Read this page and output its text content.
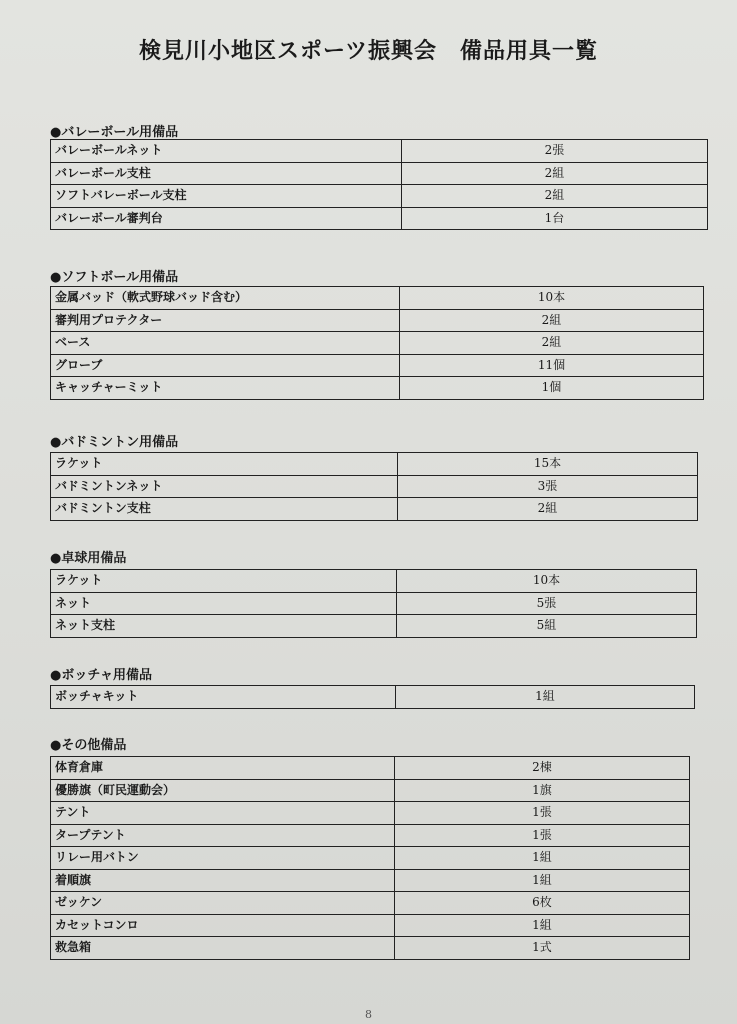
検見川小地区スポーツ振興会　備品用具一覧
●バレーボール用備品
バレーボールネット	2張
バレーボール支柱	2組
ソフトバレーボール支柱	2組
バレーボール審判台	1台
●ソフトボール用備品
金属バッド（軟式野球バッド含む）	10本
審判用プロテクター	2組
ベース	2組
グローブ	11個
キャッチャーミット	1個
●バドミントン用備品
ラケット	15本
バドミントンネット	3張
バドミントン支柱	2組
●卓球用備品
ラケット	10本
ネット	5張
ネット支柱	5組
●ボッチャ用備品
ボッチャキット	1組
●その他備品
体育倉庫	2棟
優勝旗（町民運動会）	1旗
テント	1張
タープテント	1張
リレー用バトン	1組
着順旗	1組
ゼッケン	6枚
カセットコンロ	1組
救急箱	1式
8
